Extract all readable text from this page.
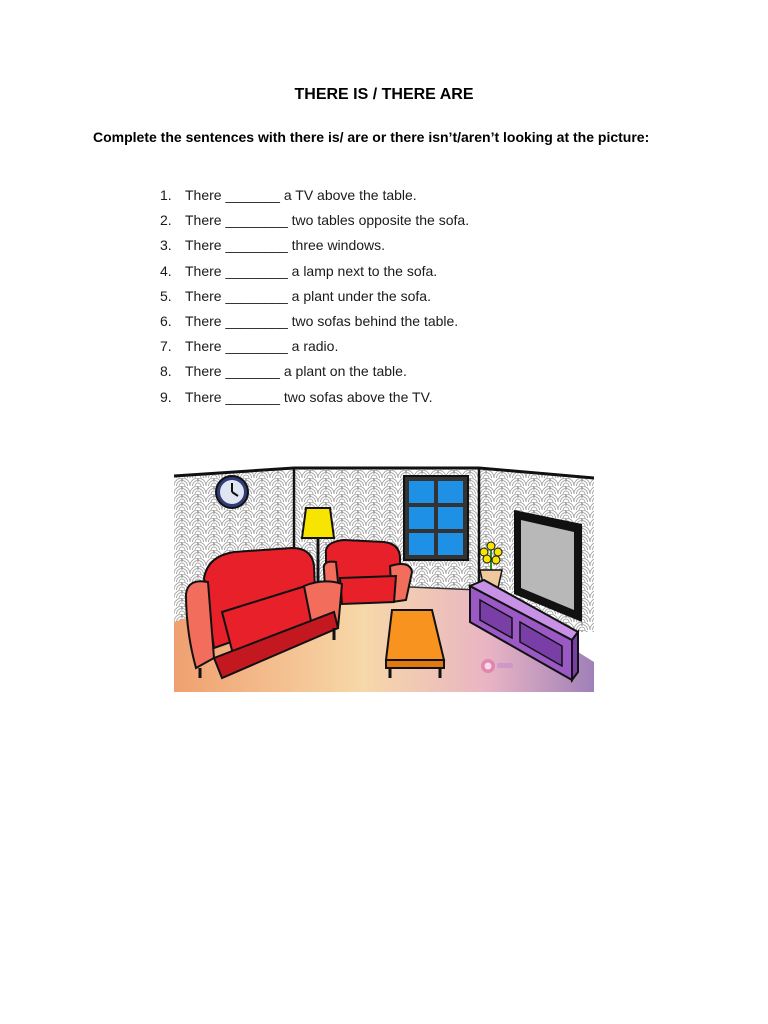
THERE IS / THERE ARE
Complete the sentences with there is/ are or there isn’t/aren’t looking at the picture:
1. There _______ a TV above the table.
2. There ________ two tables opposite the sofa.
3. There ________ three windows.
4. There ________ a lamp next to the sofa.
5. There ________ a plant under the sofa.
6. There ________ two sofas behind the table.
7. There ________ a radio.
8. There _______ a plant on the table.
9. There _______ two sofas above the TV.
